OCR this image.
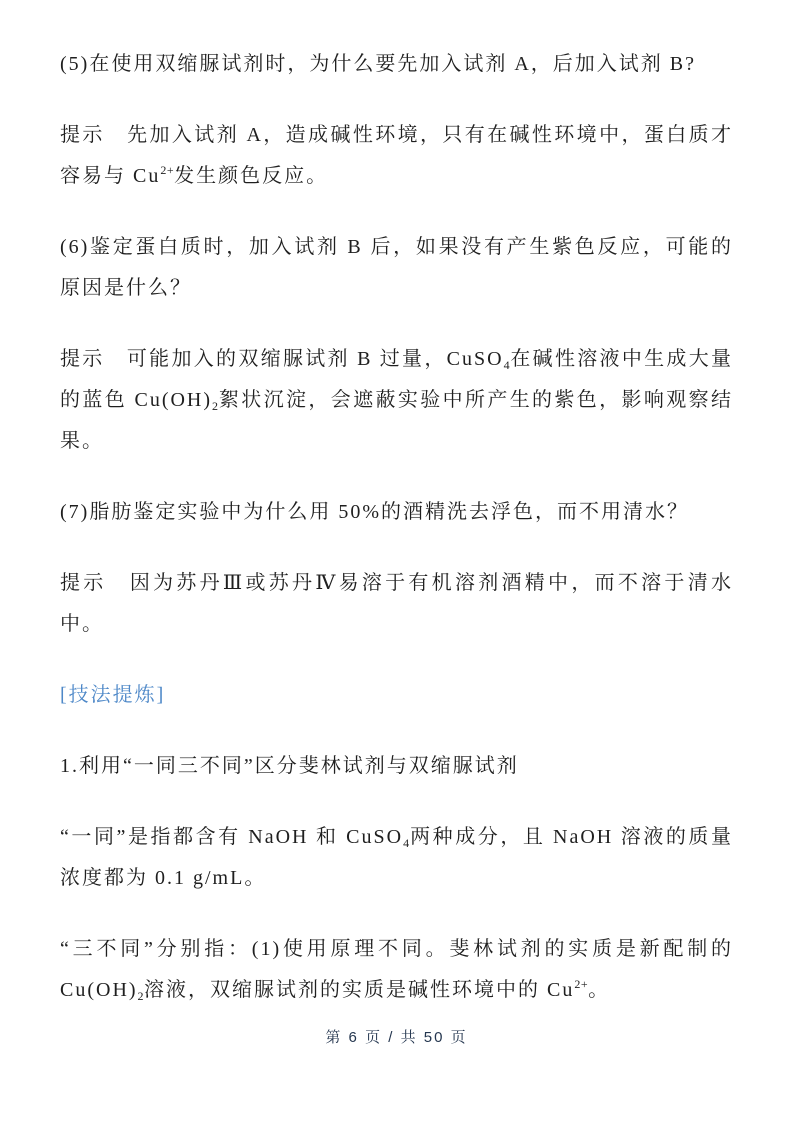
(5)在使用双缩脲试剂时，为什么要先加入试剂 A，后加入试剂 B?

提示　先加入试剂 A，造成碱性环境，只有在碱性环境中，蛋白质才容易与 $Cu^{2+}$发生颜色反应。

(6)鉴定蛋白质时，加入试剂 B 后，如果没有产生紫色反应，可能的原因是什么？

提示　可能加入的双缩脲试剂 B 过量，CuSO$_4$在碱性溶液中生成大量的蓝色 $Cu(OH)_2$絮状沉淀，会遮蔽实验中所产生的紫色，影响观察结果。

(7)脂肪鉴定实验中为什么用 50%的酒精洗去浮色，而不用清水？

提示　因为苏丹Ⅲ或苏丹Ⅳ易溶于有机溶剂酒精中，而不溶于清水中。

[技法提炼]

1.利用“一同三不同”区分斐林试剂与双缩脲试剂

“一同”是指都含有 NaOH 和 CuSO$_4$两种成分，且 NaOH 溶液的质量浓度都为 0.1 g/mL。

“三不同”分别指：(1)使用原理不同。斐林试剂的实质是新配制的 $Cu(OH)_2$溶液，双缩脲试剂的实质是碱性环境中的 $Cu^{2+}$。

第 6 页 / 共 50 页
